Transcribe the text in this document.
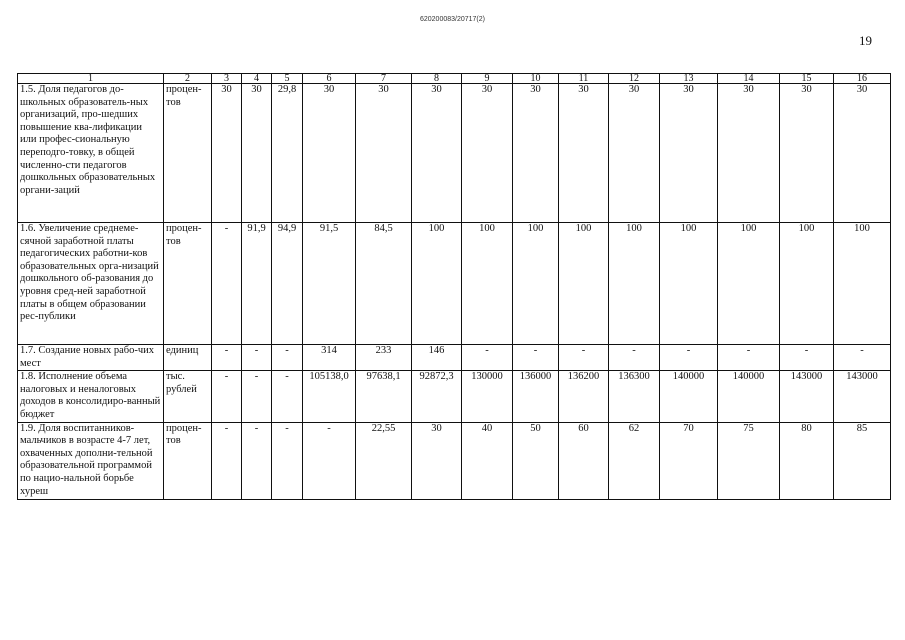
620200083/20717(2)
19
1	2	3	4	5	6	7	8	9	10	11	12	13	14	15	16
1.5. Доля педагогов до-школьных образователь-ных организаций, про-шедших повышение ква-лификации или профес-сиональную переподго-товку, в общей численно-сти педагогов дошкольных образовательных органи-заций	процен-тов	30	30	29,8	30	30	30	30	30	30	30	30	30	30	30
1.6. Увеличение среднеме-сячной заработной платы педагогических работни-ков образовательных орга-низаций дошкольного об-разования до уровня сред-ней заработной платы в общем образовании рес-публики	процен-тов	-	91,9	94,9	91,5	84,5	100	100	100	100	100	100	100	100	100
1.7. Создание новых рабо-чих мест	единиц	-	-	-	314	233	146	-	-	-	-	-	-	-	-
1.8. Исполнение объема налоговых и неналоговых доходов в консолидиро-ванный бюджет	тыс. рублей	-	-	-	105138,0	97638,1	92872,3	130000	136000	136200	136300	140000	140000	143000	143000
1.9. Доля воспитанников-мальчиков в возрасте 4-7 лет, охваченных дополни-тельной образовательной программой по нацио-нальной борьбе хуреш	процен-тов	-	-	-	-	22,55	30	40	50	60	62	70	75	80	85
